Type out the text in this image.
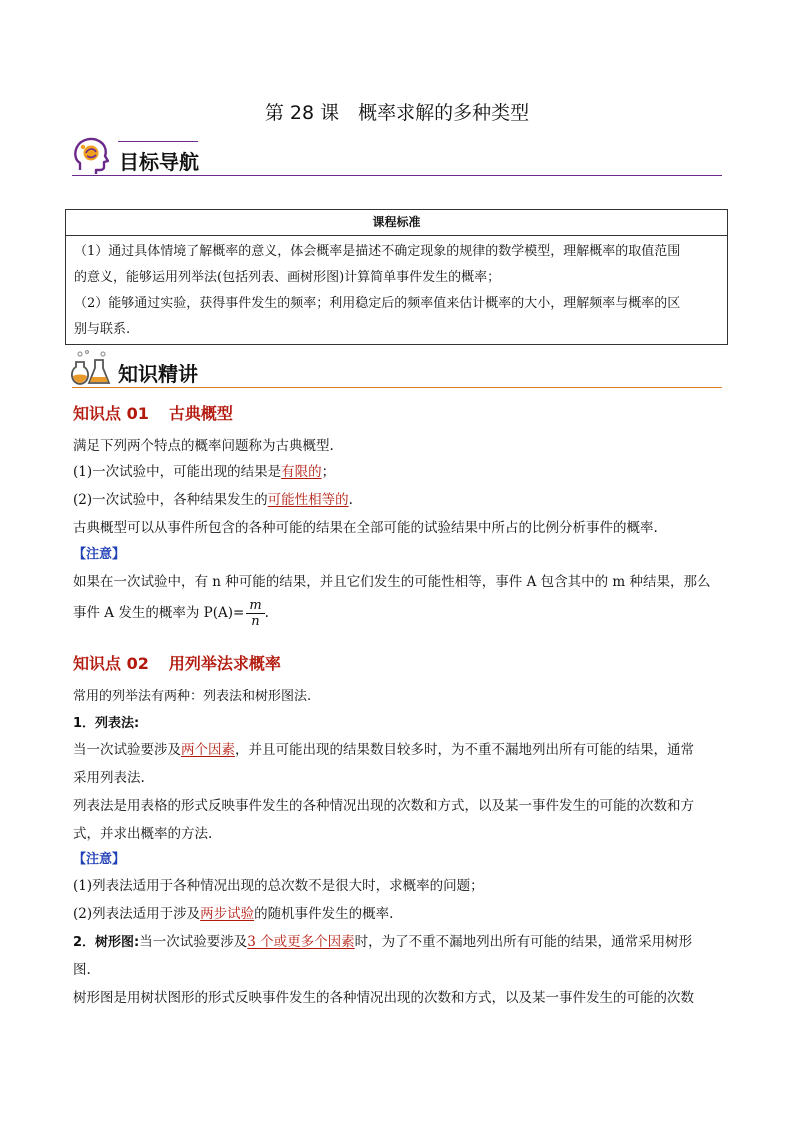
第 28 课　概率求解的多种类型
目标导航
课程标准

（1）通过具体情境了解概率的意义，体会概率是描述不确定现象的规律的数学模型，理解概率的取值范围

的意义，能够运用列举法(包括列表、画树形图)计算简单事件发生的概率；

（2）能够通过实验，获得事件发生的频率；利用稳定后的频率值来估计概率的大小，理解频率与概率的区

别与联系.

知识精讲
知识点 01 古典概型
满足下列两个特点的概率问题称为古典概型.
(1)一次试验中，可能出现的结果是有限的；
(2)一次试验中，各种结果发生的可能性相等的.
古典概型可以从事件所包含的各种可能的结果在全部可能的试验结果中所占的比例分析事件的概率.
【注意】
如果在一次试验中，有 n 种可能的结果，并且它们发生的可能性相等，事件 A 包含其中的 m 种结果，那么
事件 A 发生的概率为 $P(A)= \frac{m}{n}$ .
知识点 02 用列举法求概率
常用的列举法有两种：列表法和树形图法.
1．列表法:
当一次试验要涉及两个因素，并且可能出现的结果数目较多时，为不重不漏地列出所有可能的结果，通常
采用列表法.
列表法是用表格的形式反映事件发生的各种情况出现的次数和方式，以及某一事件发生的可能的次数和方
式，并求出概率的方法.
【注意】
(1)列表法适用于各种情况出现的总次数不是很大时，求概率的问题；
(2)列表法适用于涉及两步试验的随机事件发生的概率.
2．树形图:当一次试验要涉及3 个或更多个因素时，为了不重不漏地列出所有可能的结果，通常采用树形
图.
树形图是用树状图形的形式反映事件发生的各种情况出现的次数和方式，以及某一事件发生的可能的次数
